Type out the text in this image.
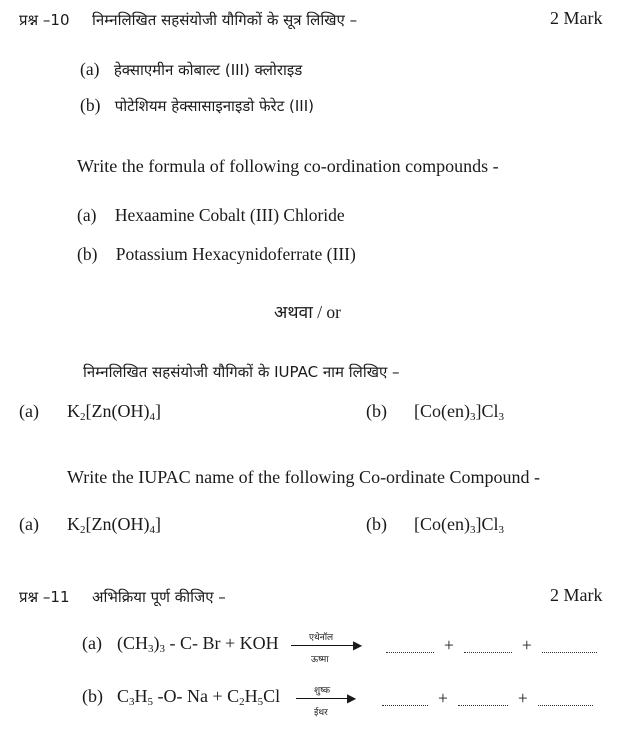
प्रश्न –10 निम्नलिखित सहसंयोजी यौगिकों के सूत्र लिखिए –	2 Mark
(a) हेक्साएमीन कोबाल्ट (III) क्लोराइड
(b) पोटेशियम हेक्सासाइनाइडो फेरेट (III)
Write the formula of following co-ordination compounds -
(a) Hexaamine Cobalt (III) Chloride
(b) Potassium Hexacynidoferrate (III)
अथवा / or
निम्नलिखित सहसंयोजी यौगिकों के IUPAC नाम लिखिए –
(a) $K_2[Zn(OH)_4]$	(b) $[Co(en)_3]Cl_3$
Write the IUPAC name of the following Co-ordinate Compound -
(a) $K_2[Zn(OH)_4]$	(b) $[Co(en)_3]Cl_3$
प्रश्न –11 अभिक्रिया पूर्ण कीजिए –	2 Mark
(a) $(CH_3)_3 - C-$ Br + KOH	एथेनॉल ▶
ऊष्मा
+	+
(b) $C_3H_5$ -O- $Na + C_2H_5Cl$	शुष्क ▶
ईथर
+	+
